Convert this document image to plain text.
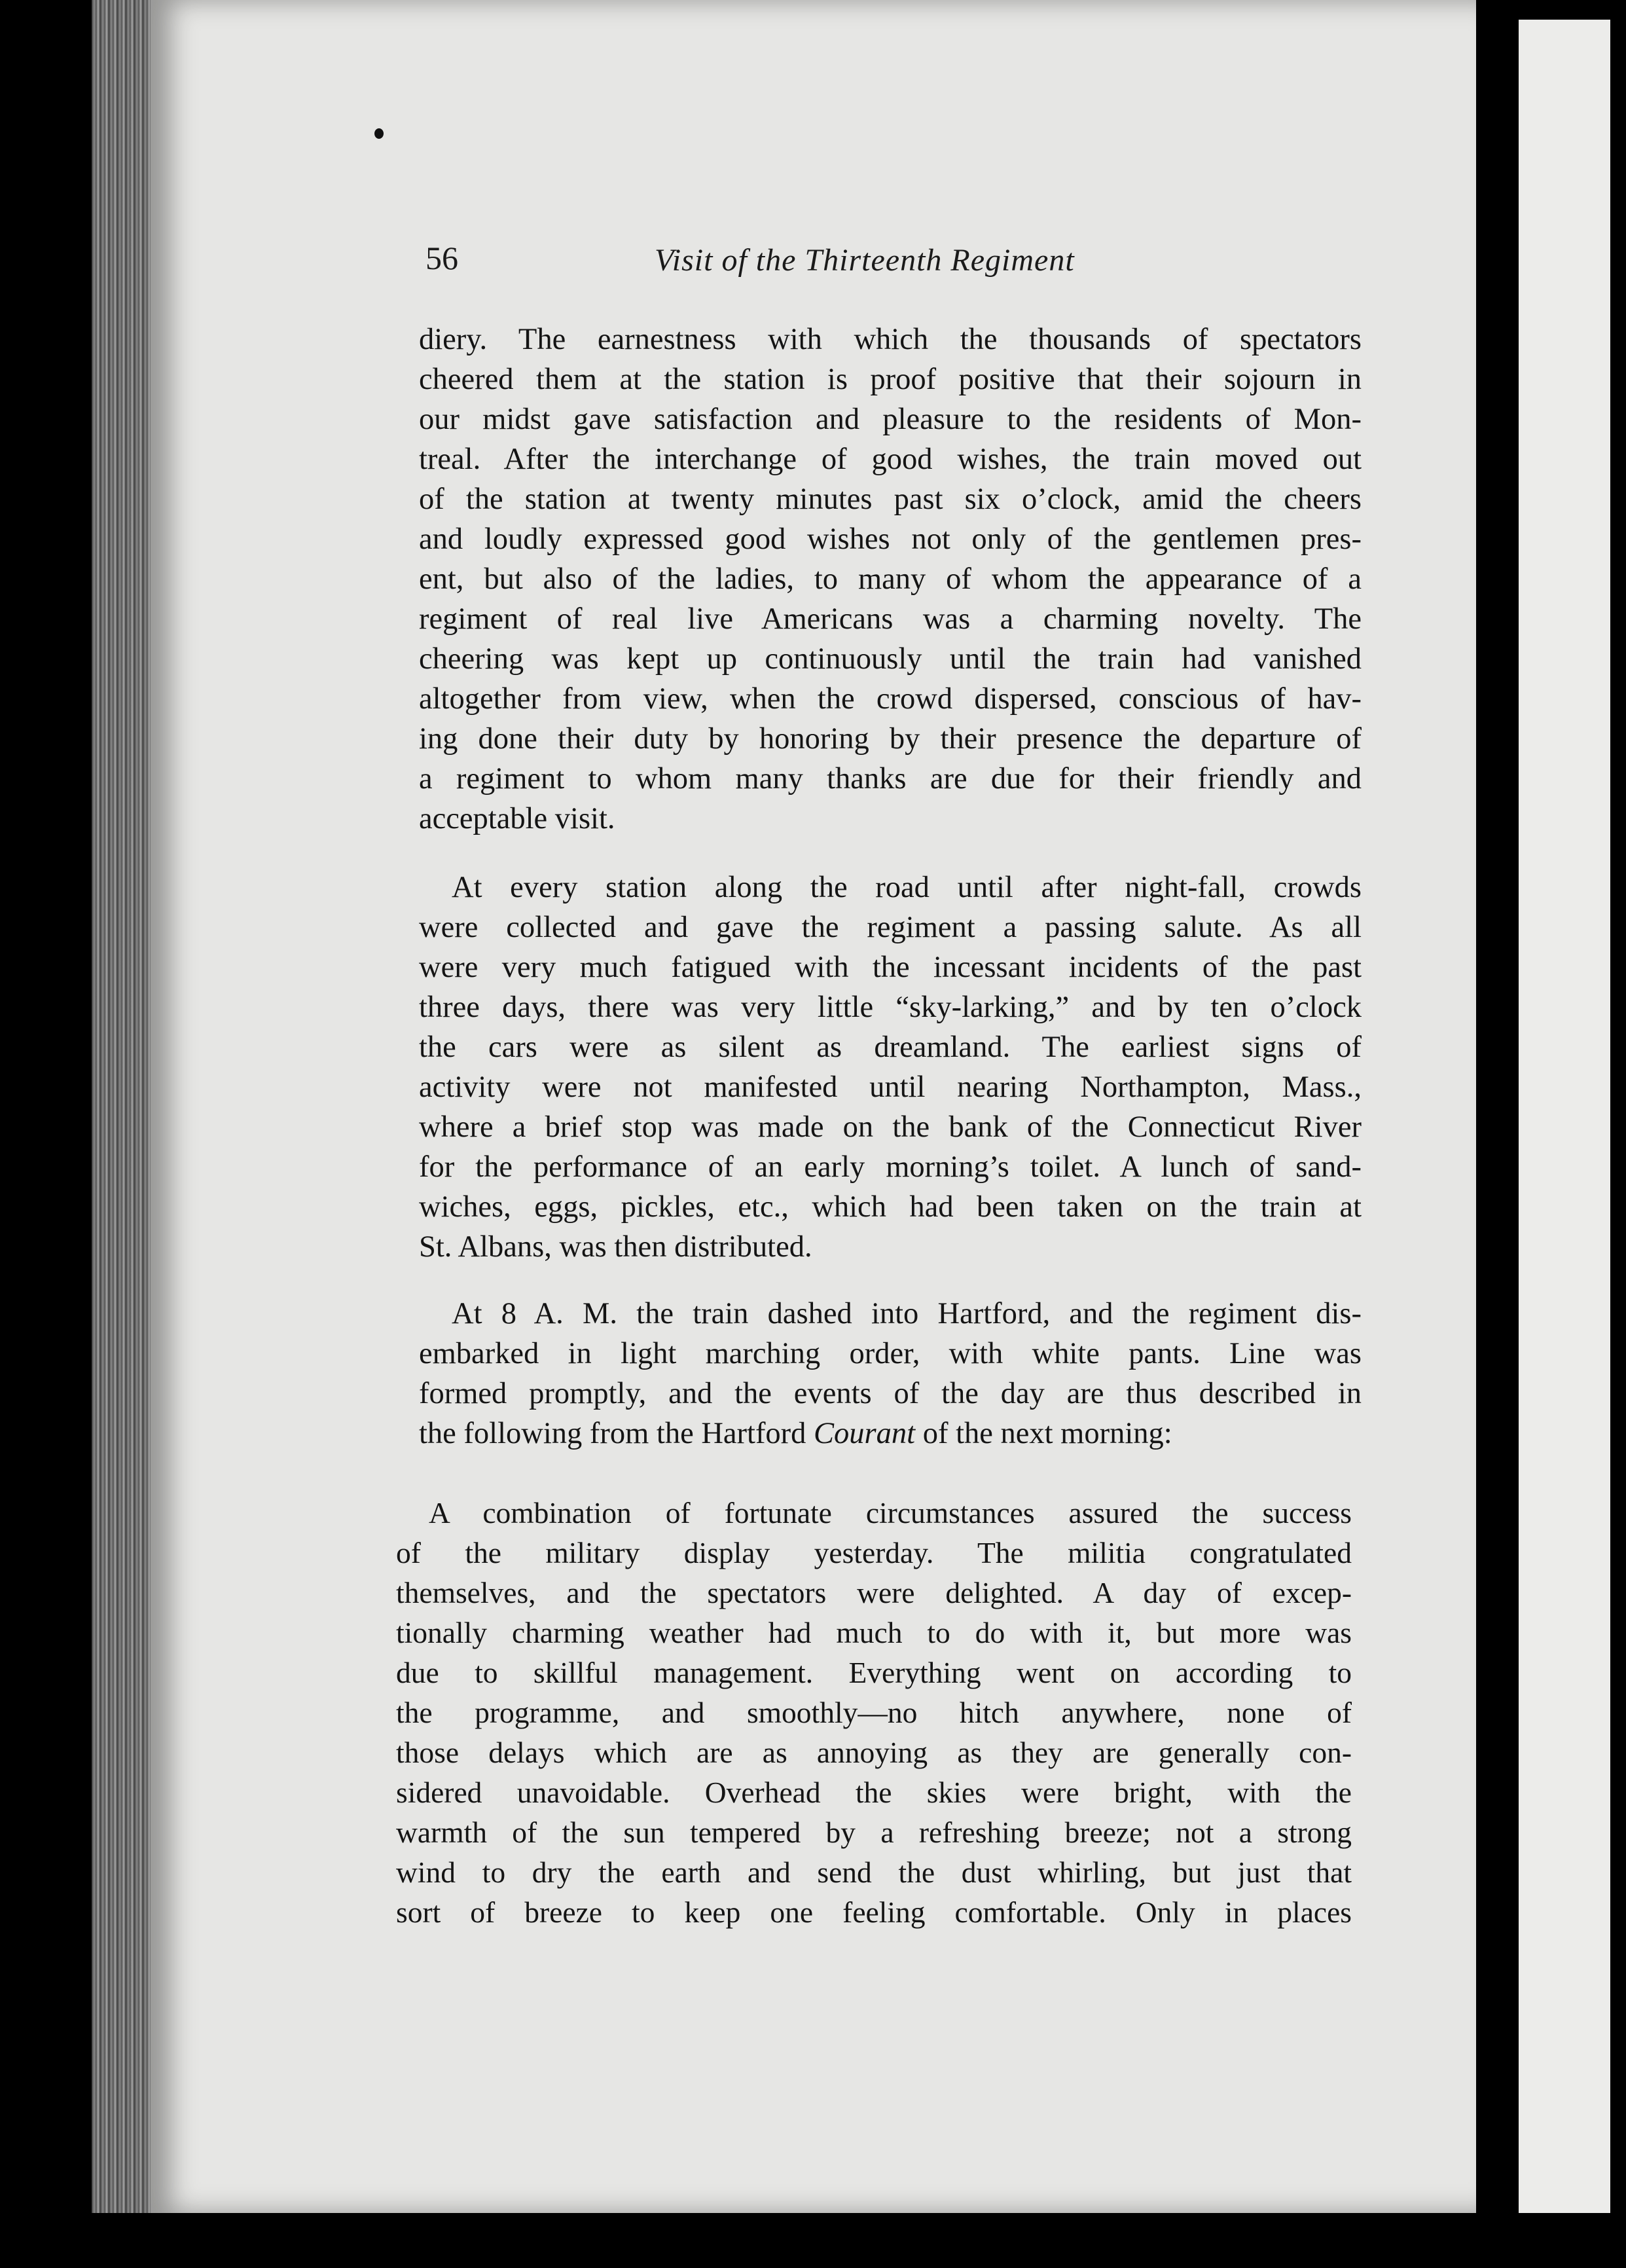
56	Visit of the Thirteenth Regiment
diery. The earnestness with which the thousands of spectators
cheered them at the station is proof positive that their sojourn in
our midst gave satisfaction and pleasure to the residents of Mon-
treal. After the interchange of good wishes, the train moved out
of the station at twenty minutes past six o’clock, amid the cheers
and loudly expressed good wishes not only of the gentlemen pres-
ent, but also of the ladies, to many of whom the appearance of a
regiment of real live Americans was a charming novelty. The
cheering was kept up continuously until the train had vanished
altogether from view, when the crowd dispersed, conscious of hav-
ing done their duty by honoring by their presence the departure of
a regiment to whom many thanks are due for their friendly and
acceptable visit.
At every station along the road until after night-fall, crowds
were collected and gave the regiment a passing salute. As all
were very much fatigued with the incessant incidents of the past
three days, there was very little “sky-larking,” and by ten o’clock
the cars were as silent as dreamland. The earliest signs of
activity were not manifested until nearing Northampton, Mass.,
where a brief stop was made on the bank of the Connecticut River
for the performance of an early morning’s toilet. A lunch of sand-
wiches, eggs, pickles, etc., which had been taken on the train at
St. Albans, was then distributed.
At 8 A. M. the train dashed into Hartford, and the regiment dis-
embarked in light marching order, with white pants. Line was
formed promptly, and the events of the day are thus described in
the following from the Hartford Courant of the next morning:
A combination of fortunate circumstances assured the success
of the military display yesterday. The militia congratulated
themselves, and the spectators were delighted. A day of excep-
tionally charming weather had much to do with it, but more was
due to skillful management. Everything went on according to
the programme, and smoothly—no hitch anywhere, none of
those delays which are as annoying as they are generally con-
sidered unavoidable. Overhead the skies were bright, with the
warmth of the sun tempered by a refreshing breeze; not a strong
wind to dry the earth and send the dust whirling, but just that
sort of breeze to keep one feeling comfortable. Only in places
